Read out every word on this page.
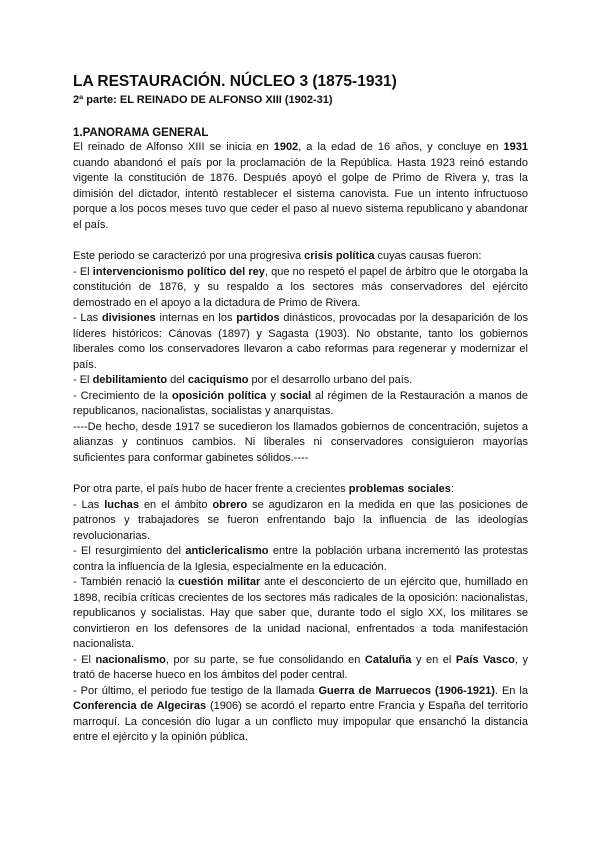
LA RESTAURACIÓN. NÚCLEO 3 (1875-1931)
2ª parte: EL REINADO DE ALFONSO XIII (1902-31)
1.PANORAMA GENERAL

El reinado de Alfonso XIII se inicia en 1902, a la edad de 16 años, y concluye en 1931 cuando abandonó el país por la proclamación de la República. Hasta 1923 reinó estando vigente la constitución de 1876. Después apoyó el golpe de Primo de Rivera y, tras la dimisión del dictador, intentó restablecer el sistema canovista. Fue un intento infructuoso porque a los pocos meses tuvo que ceder el paso al nuevo sistema republicano y abandonar el país.

Este periodo se caracterizó por una progresiva crisis política cuyas causas fueron:

- El intervencionismo político del rey, que no respetó el papel de árbitro que le otorgaba la constitución de 1876, y su respaldo a los sectores más conservadores del ejército demostrado en el apoyo a la dictadura de Primo de Rivera.

- Las divisiones internas en los partidos dinásticos, provocadas por la desaparición de los líderes históricos: Cánovas (1897) y Sagasta (1903). No obstante, tanto los gobiernos liberales como los conservadores llevaron a cabo reformas para regenerar y modernizar el país.

- El debilitamiento del caciquismo por el desarrollo urbano del país.

- Crecimiento de la oposición política y social al régimen de la Restauración a manos de republicanos, nacionalistas, socialistas y anarquistas.

----De hecho, desde 1917 se sucedieron los llamados gobiernos de concentración, sujetos a alianzas y continuos cambios. Ni liberales ni conservadores consiguieron mayorías suficientes para conformar gabinetes sólidos.----

Por otra parte, el país hubo de hacer frente a crecientes problemas sociales:

- Las luchas en el ámbito obrero se agudizaron en la medida en que las posiciones de patronos y trabajadores se fueron enfrentando bajo la influencia de las ideologías revolucionarias.

- El resurgimiento del anticlericalismo entre la población urbana incrementó las protestas contra la influencia de la Iglesia, especialmente en la educación.

- También renació la cuestión militar ante el desconcierto de un ejército que, humillado en 1898, recibía críticas crecientes de los sectores más radicales de la oposición: nacionalistas, republicanos y socialistas. Hay que saber que, durante todo el siglo XX, los militares se convirtieron en los defensores de la unidad nacional, enfrentados a toda manifestación nacionalista.

- El nacionalismo, por su parte, se fue consolidando en Cataluña y en el País Vasco, y trató de hacerse hueco en los ámbitos del poder central.

- Por último, el periodo fue testigo de la llamada Guerra de Marruecos (1906-1921). En la Conferencia de Algeciras (1906) se acordó el reparto entre Francia y España del territorio marroquí. La concesión dio lugar a un conflicto muy impopular que ensanchó la distancia entre el ejército y la opinión pública.
